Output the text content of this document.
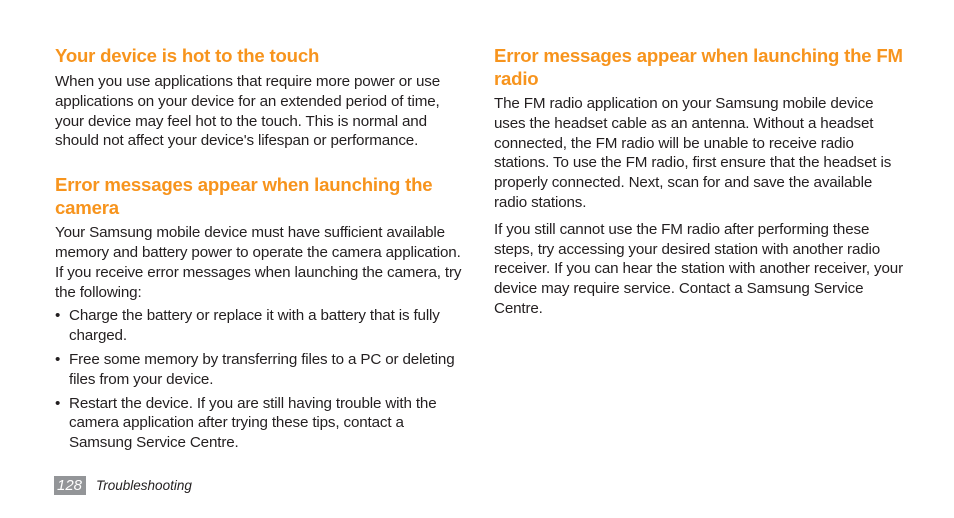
Your device is hot to the touch

When you use applications that require more power or use applications on your device for an extended period of time, your device may feel hot to the touch. This is normal and should not affect your device's lifespan or performance.

Error messages appear when launching the camera

Your Samsung mobile device must have sufficient available memory and battery power to operate the camera application. If you receive error messages when launching the camera, try the following:

• Charge the battery or replace it with a battery that is fully charged.
• Free some memory by transferring files to a PC or deleting files from your device.
• Restart the device. If you are still having trouble with the camera application after trying these tips, contact a Samsung Service Centre.
Error messages appear when launching the FM radio

The FM radio application on your Samsung mobile device uses the headset cable as an antenna. Without a headset connected, the FM radio will be unable to receive radio stations. To use the FM radio, first ensure that the headset is properly connected. Next, scan for and save the available radio stations.

If you still cannot use the FM radio after performing these steps, try accessing your desired station with another radio receiver. If you can hear the station with another receiver, your device may require service. Contact a Samsung Service Centre.

128 Troubleshooting
